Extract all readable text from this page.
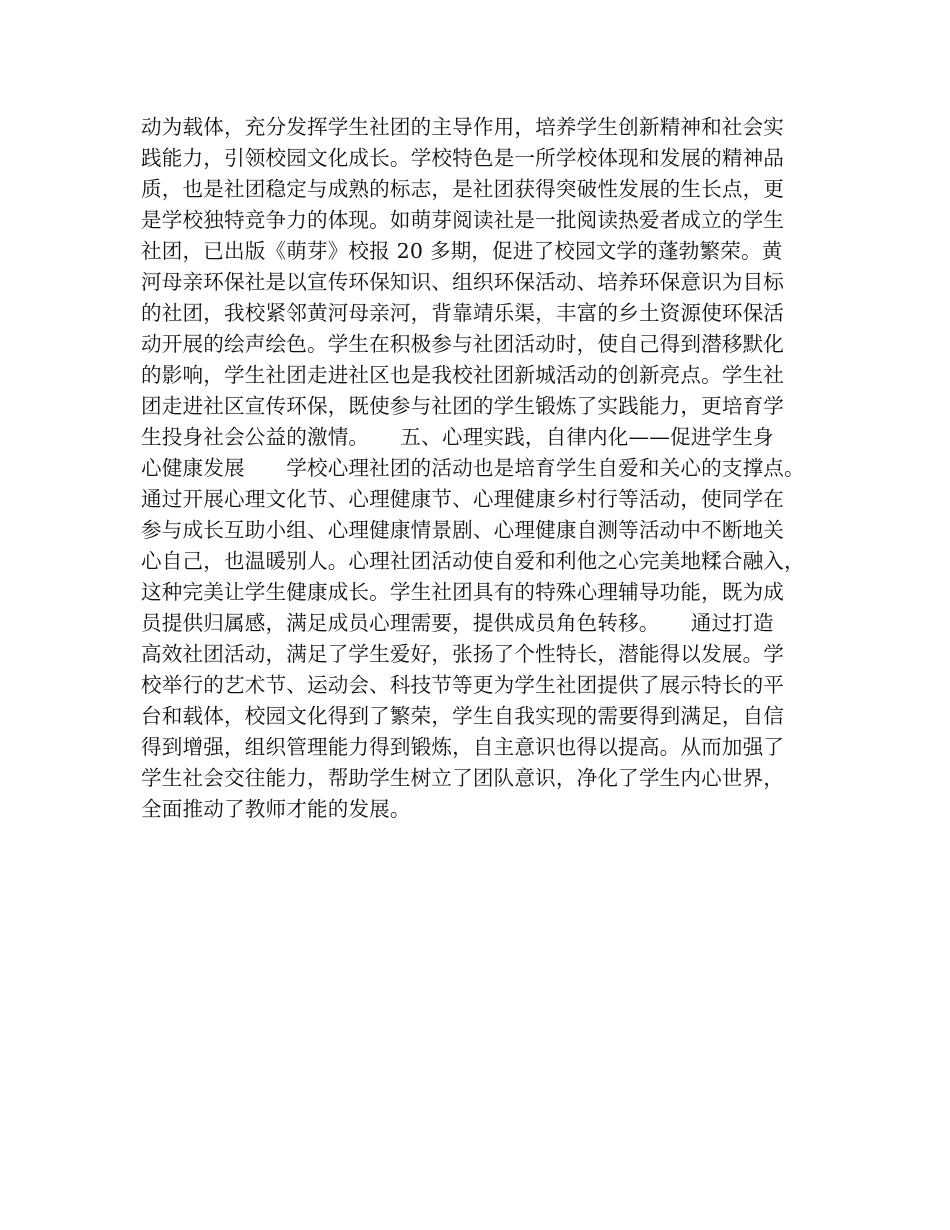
动为载体，充分发挥学生社团的主导作用，培养学生创新精神和社会实
践能力，引领校园文化成长。学校特色是一所学校体现和发展的精神品
质，也是社团稳定与成熟的标志，是社团获得突破性发展的生长点，更
是学校独特竞争力的体现。如萌芽阅读社是一批阅读热爱者成立的学生
社团，已出版《萌芽》校报 20 多期，促进了校园文学的蓬勃繁荣。黄
河母亲环保社是以宣传环保知识、组织环保活动、培养环保意识为目标
的社团，我校紧邻黄河母亲河，背靠靖乐渠，丰富的乡土资源使环保活
动开展的绘声绘色。学生在积极参与社团活动时，使自己得到潜移默化
的影响，学生社团走进社区也是我校社团新城活动的创新亮点。学生社
团走进社区宣传环保，既使参与社团的学生锻炼了实践能力，更培育学
生投身社会公益的激情。　　五、心理实践，自律内化——促进学生身
心健康发展　　学校心理社团的活动也是培育学生自爱和关心的支撑点。
通过开展心理文化节、心理健康节、心理健康乡村行等活动，使同学在
参与成长互助小组、心理健康情景剧、心理健康自测等活动中不断地关
心自己，也温暖别人。心理社团活动使自爱和利他之心完美地糅合融入，
这种完美让学生健康成长。学生社团具有的特殊心理辅导功能，既为成
员提供归属感，满足成员心理需要，提供成员角色转移。　　通过打造
高效社团活动，满足了学生爱好，张扬了个性特长，潜能得以发展。学
校举行的艺术节、运动会、科技节等更为学生社团提供了展示特长的平
台和载体，校园文化得到了繁荣，学生自我实现的需要得到满足，自信
得到增强，组织管理能力得到锻炼，自主意识也得以提高。从而加强了
学生社会交往能力，帮助学生树立了团队意识，净化了学生内心世界，
全面推动了教师才能的发展。
